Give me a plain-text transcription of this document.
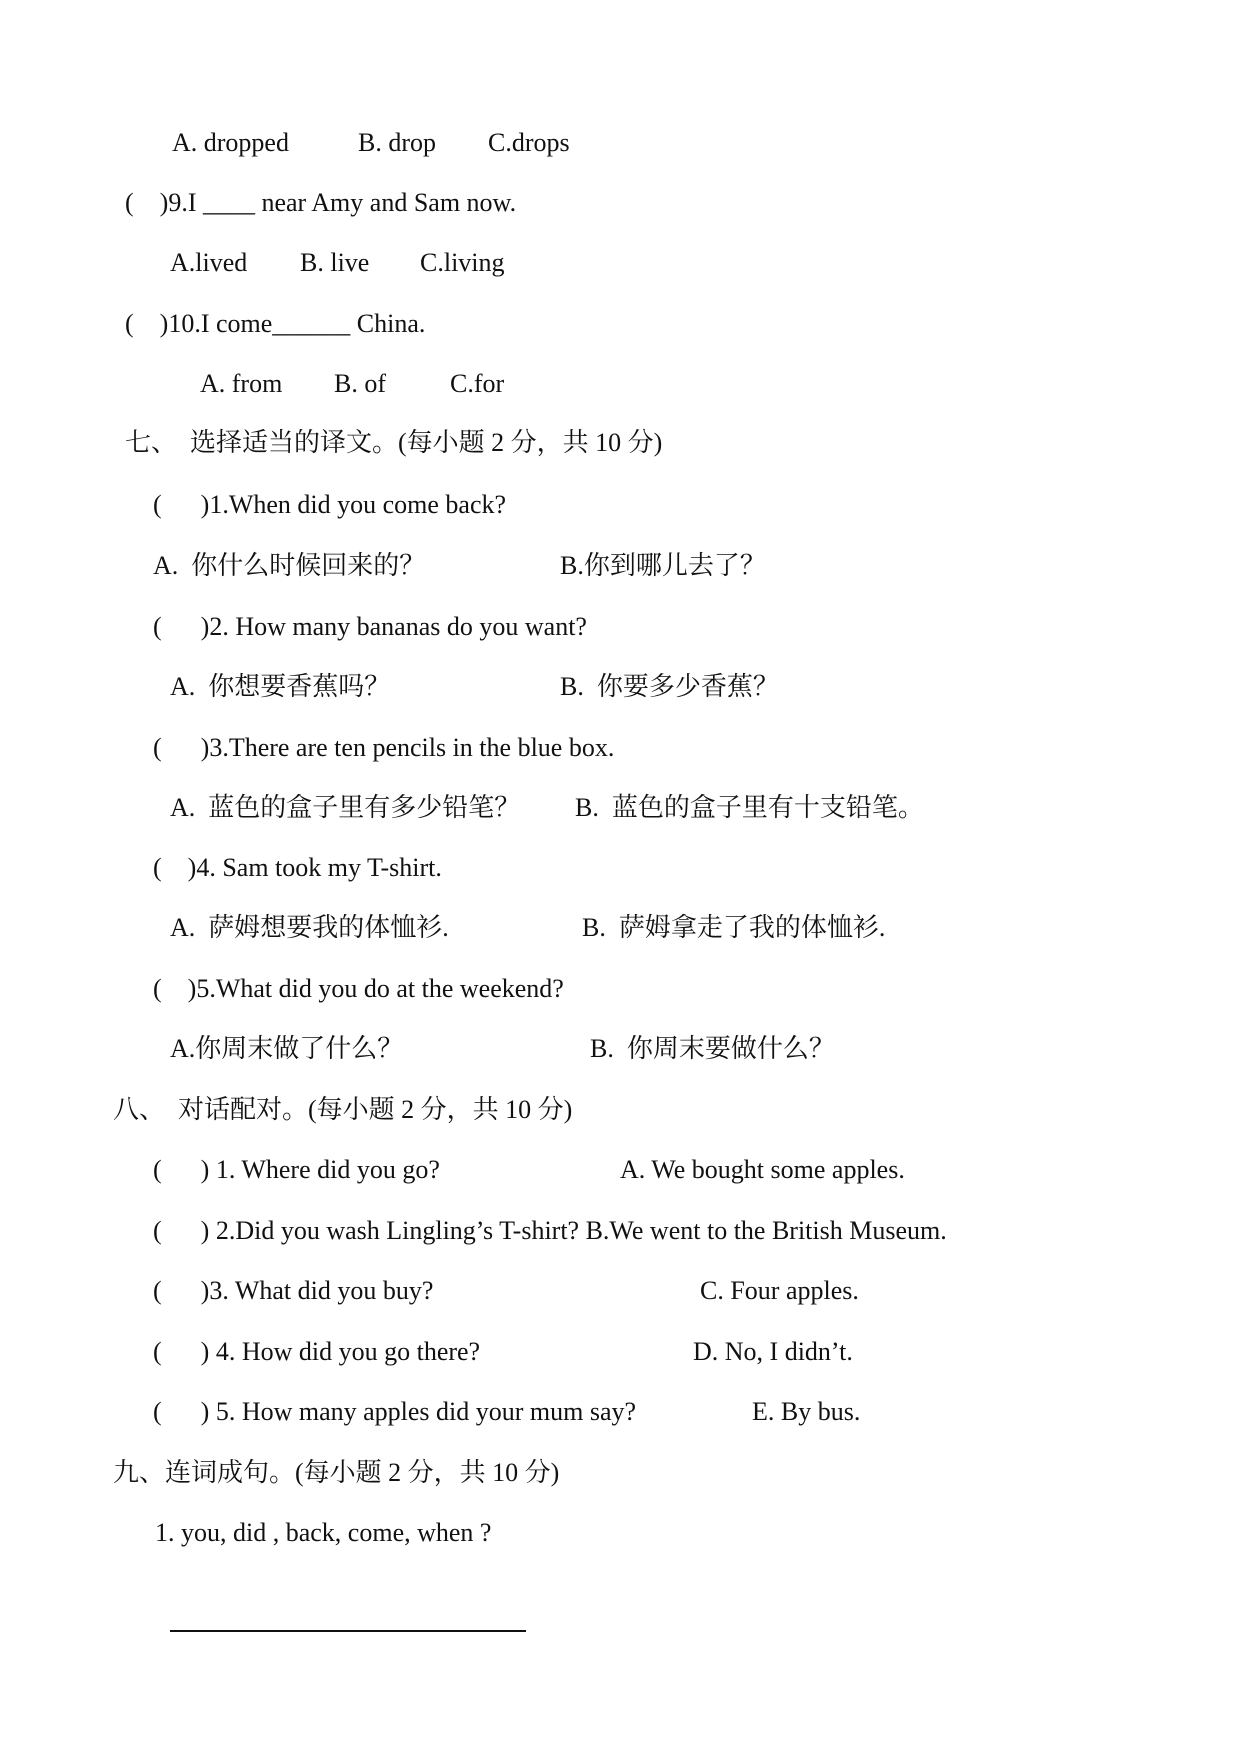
A. dropped	B. drop C.drops
(    )9.I ____ near Amy and Sam now.
A.lived B. live C.living
(    )10.I come______ China.
A. from B. of C.for
七、  选择适当的译文。(每小题 2 分，共 10 分)
(      )1.When did you come back?
A.  你什么时候回来的？	B.你到哪儿去了？
(      )2. How many bananas do you want?
A.  你想要香蕉吗？	B.  你要多少香蕉？
(      )3.There are ten pencils in the blue box.
A.  蓝色的盒子里有多少铅笔？ B.  蓝色的盒子里有十支铅笔。
(    )4. Sam took my T-shirt.
A.  萨姆想要我的体恤衫.	B.  萨姆拿走了我的体恤衫.
(    )5.What did you do at the weekend?
A.你周末做了什么？	B.  你周末要做什么？
八、  对话配对。(每小题 2 分，共 10 分)
(      ) 1. Where did you go?	A. We bought some apples.
(      ) 2.Did you wash Lingling’s T-shirt? B.We went to the British Museum.
(      )3. What did you buy?	C. Four apples.
(      ) 4. How did you go there?	D. No, I didn’t.
(      ) 5. How many apples did your mum say?	E. By bus.
九、连词成句。(每小题 2 分，共 10 分)
1. you, did , back, come, when ?
